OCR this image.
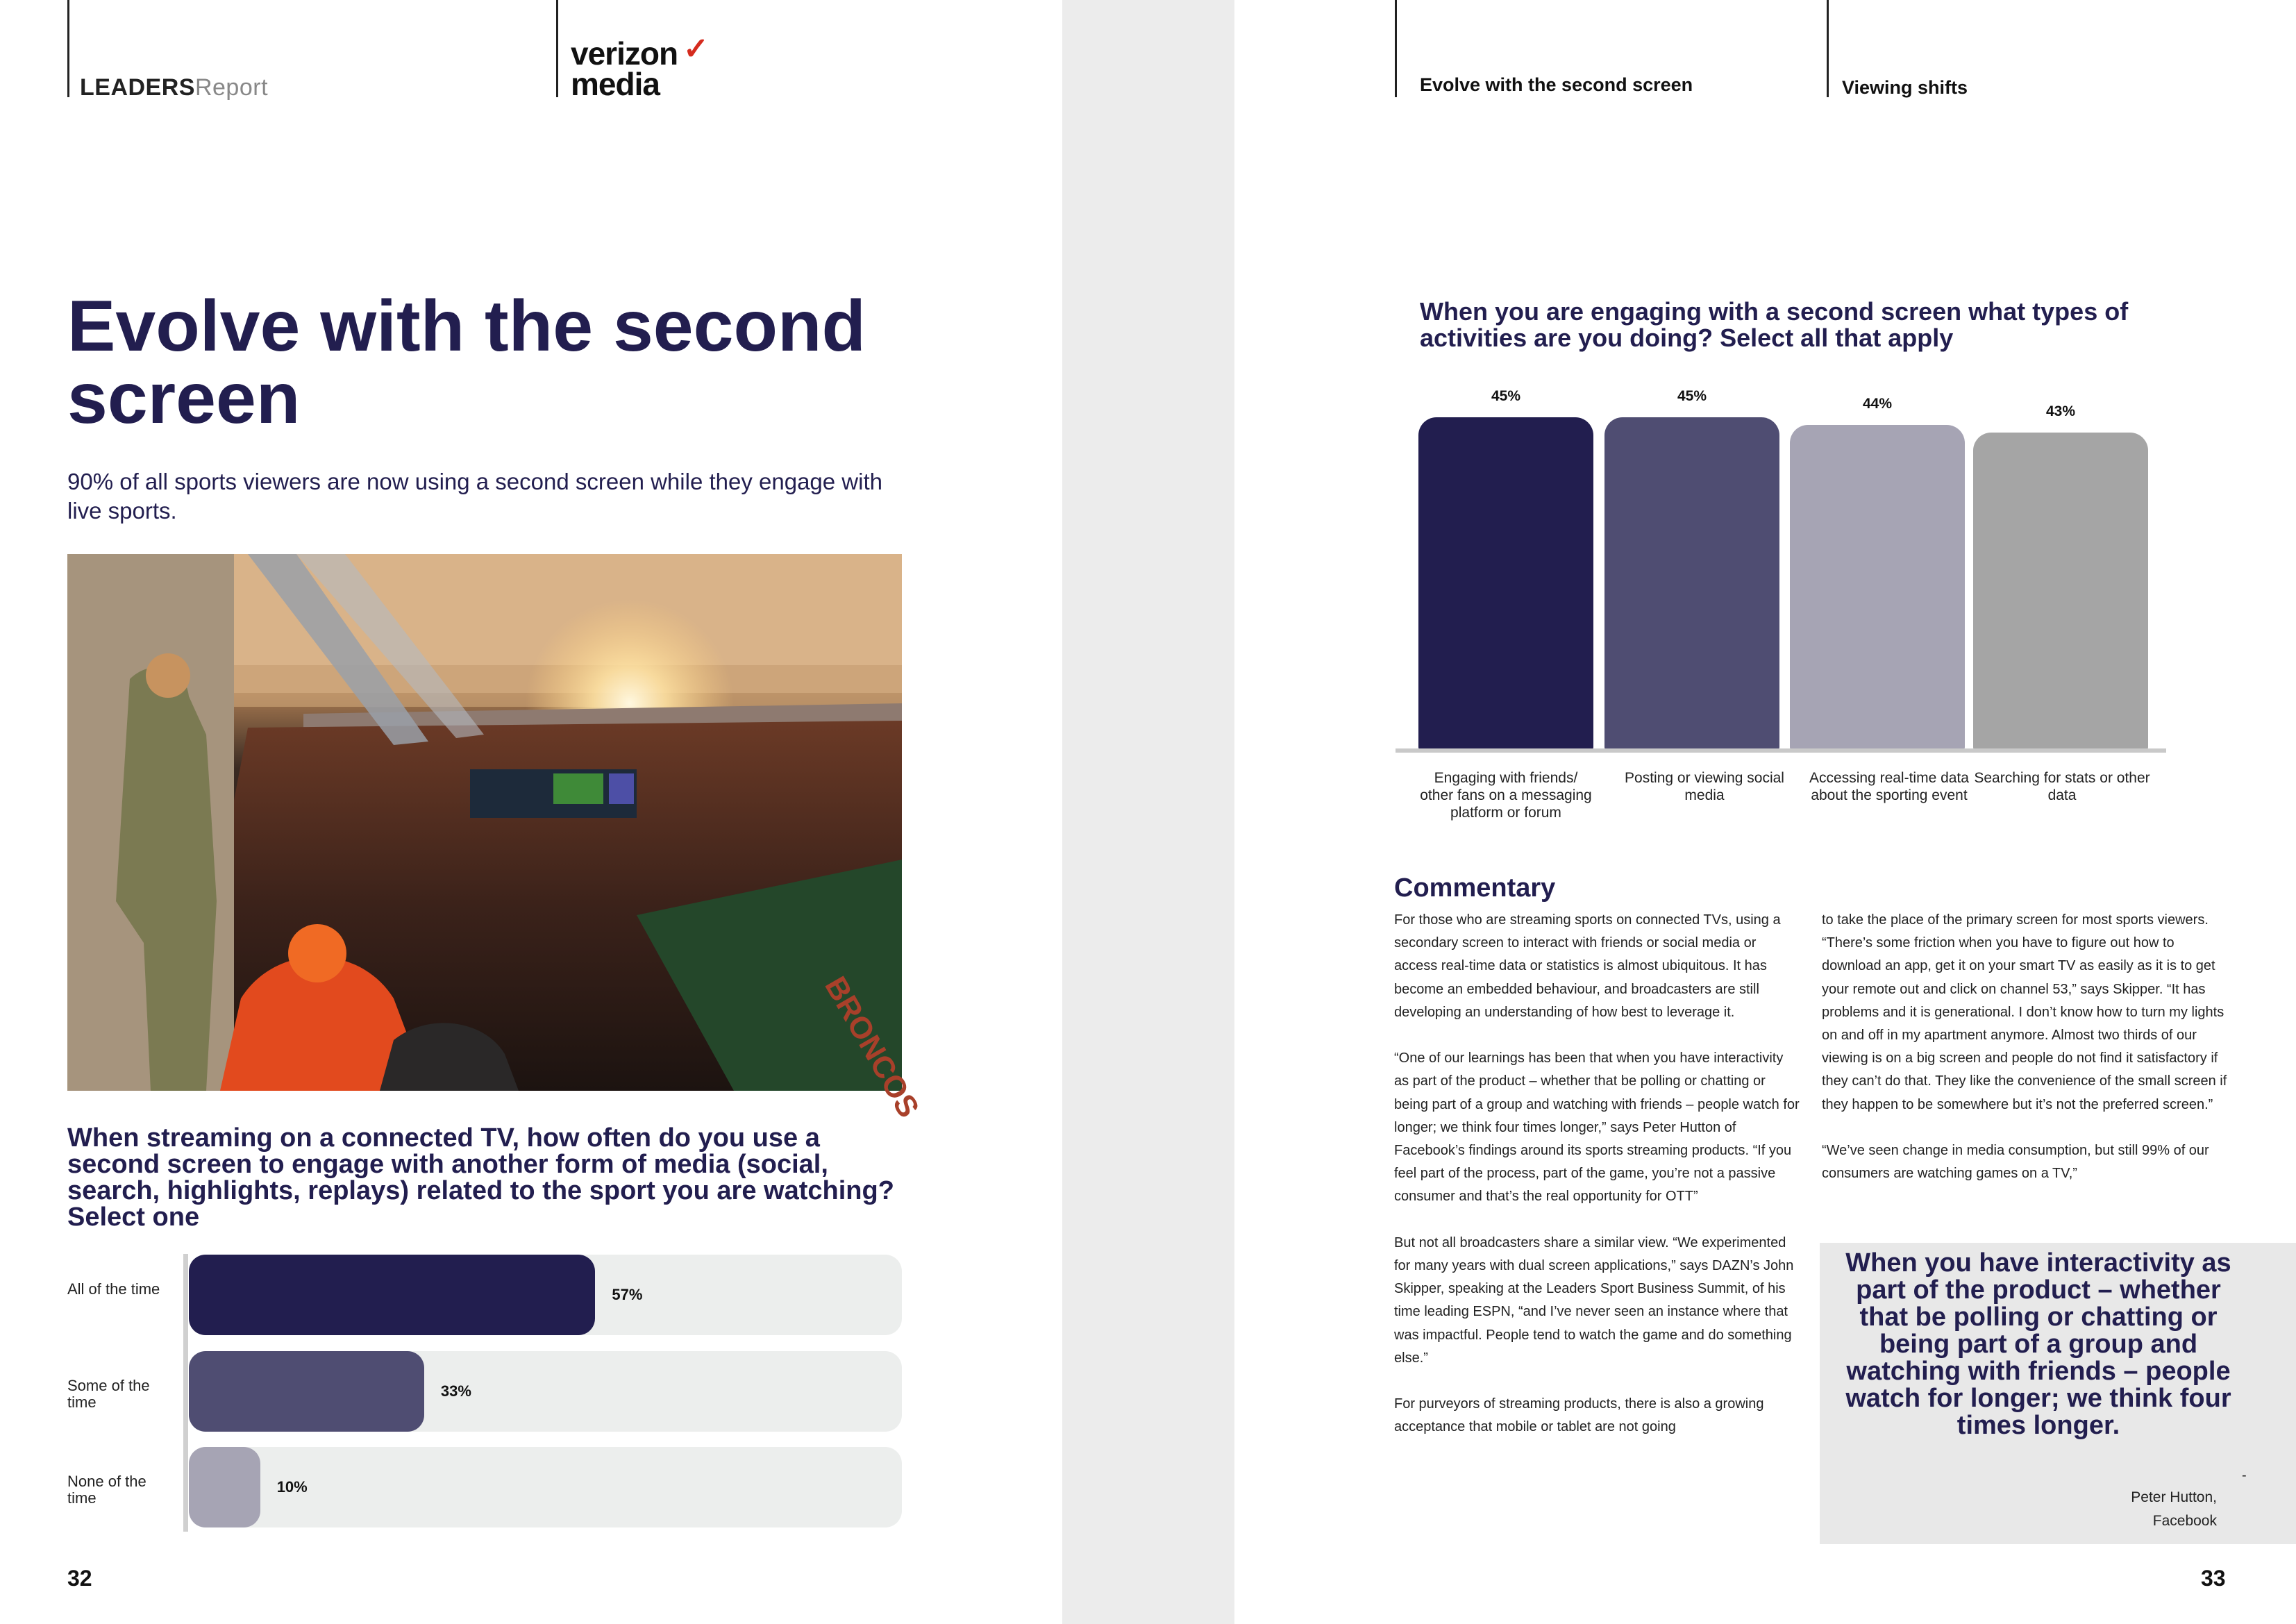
LEADERSReport
verizon
media
✓
Evolve with the second screen	Viewing shifts
Evolve with the second screen
90% of all sports viewers are now using a second screen while they engage with live sports.
BRONCOS
When streaming on a connected TV, how often do you use a second screen to engage with another form of media (social, search, highlights, replays) related to the sport you are watching? Select one
All of the time	57%
Some of the time
33%
None of the time
10%
32
When you are engaging with a second screen what types of activities are you doing? Select all that apply
45%	45%	44%	43%
Engaging with friends/ other fans on a messaging platform or forum
Posting or viewing social media
Accessing real-time data about the sporting event
Searching for stats or other data
Commentary

For those who are streaming sports on connected TVs, using a secondary screen to interact with friends or social media or access real-time data or statistics is almost ubiquitous. It has become an embedded behaviour, and broadcasters are still developing an understanding of how best to leverage it.

“One of our learnings has been that when you have interactivity as part of the product – whether that be polling or chatting or being part of a group and watching with friends – people watch for longer; we think four times longer,” says Peter Hutton of Facebook’s findings around its sports streaming products. “If you feel part of the process, part of the game, you’re not a passive consumer and that’s the real opportunity for OTT”

But not all broadcasters share a similar view. “We experimented for many years with dual screen applications,” says DAZN’s John Skipper, speaking at the Leaders Sport Business Summit, of his time leading ESPN, “and I’ve never seen an instance where that was impactful. People tend to watch the game and do something else.”

For purveyors of streaming products, there is also a growing acceptance that mobile or tablet are not going

to take the place of the primary screen for most sports viewers. “There’s some friction when you have to figure out how to download an app, get it on your smart TV as easily as it is to get your remote out and click on channel 53,” says Skipper. “It has problems and it is generational. I don’t know how to turn my lights on and off in my apartment anymore. Almost two thirds of our viewing is on a big screen and people do not find it satisfactory if they can’t do that. They like the convenience of the small screen if they happen to be somewhere but it’s not the preferred screen.”

“We’ve seen change in media consumption, but still 99% of our consumers are watching games on a TV,”

When you have interactivity as part of the product – whether that be polling or chatting or being part of a group and watching with friends – people watch for longer; we think four times longer.
-
Peter Hutton,
Facebook
33
